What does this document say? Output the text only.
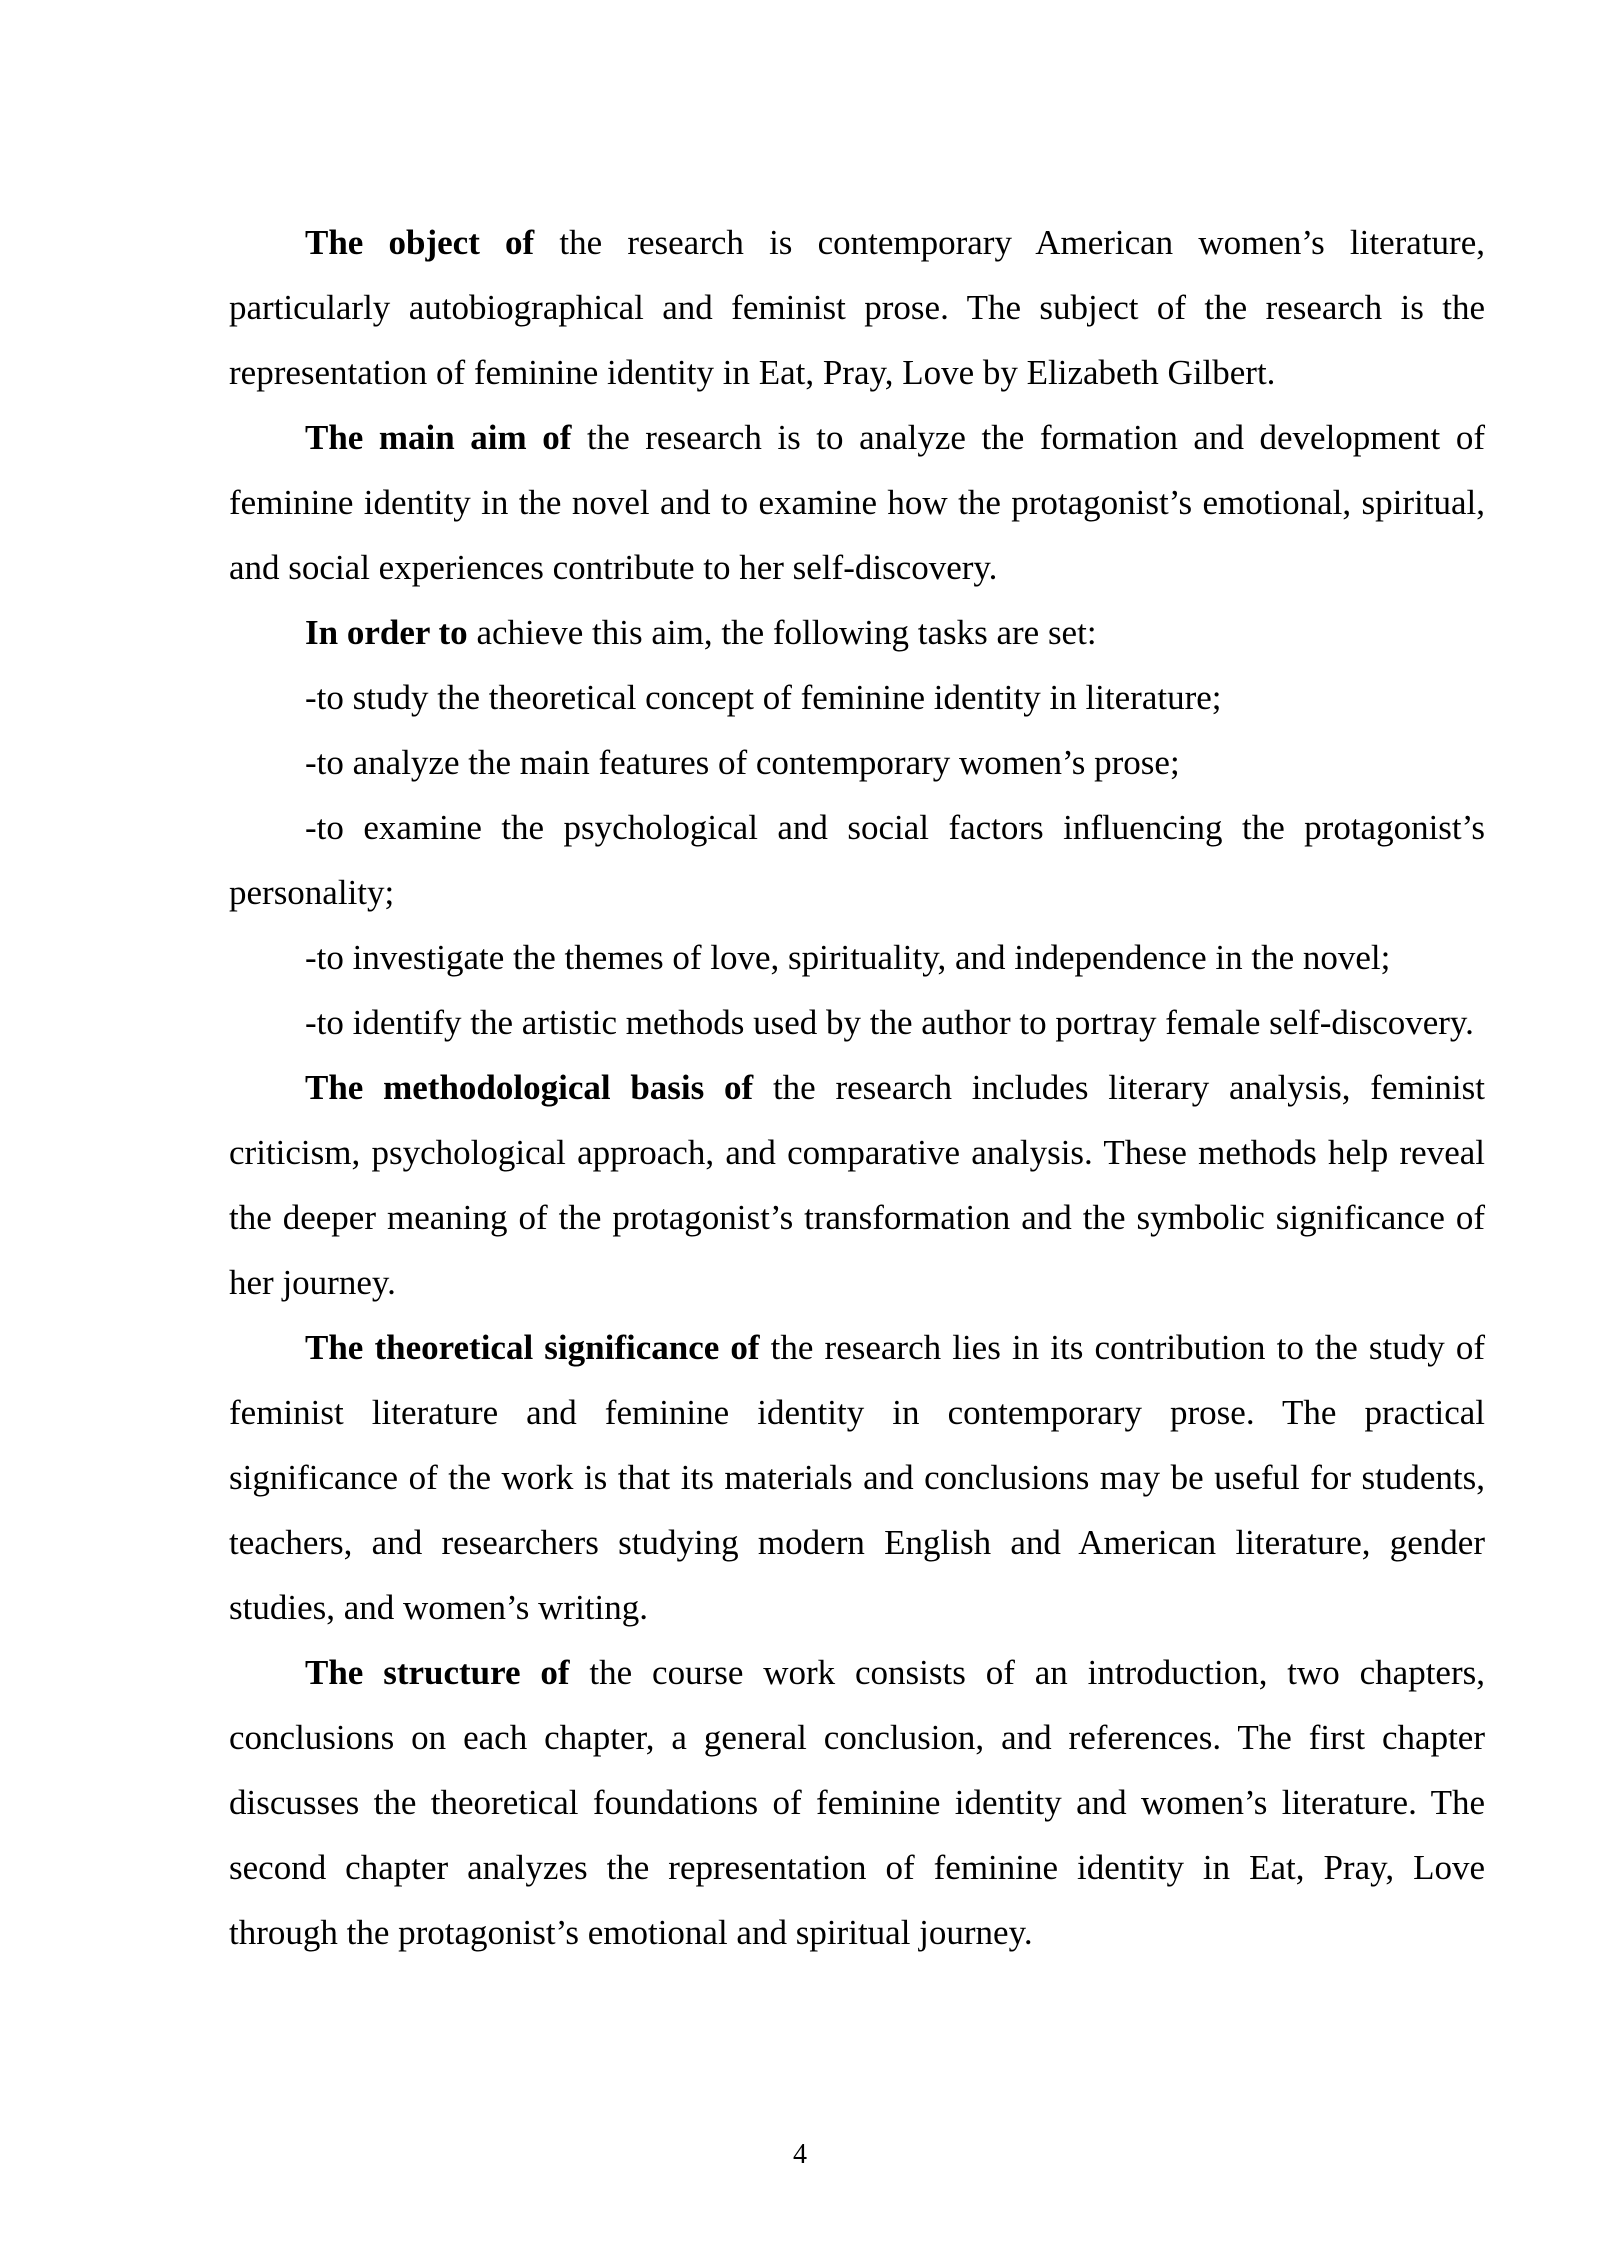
The object of the research is contemporary American women’s literature, particularly autobiographical and feminist prose. The subject of the research is the representation of feminine identity in Eat, Pray, Love by Elizabeth Gilbert.

The main aim of the research is to analyze the formation and development of feminine identity in the novel and to examine how the protagonist’s emotional, spiritual, and social experiences contribute to her self-discovery.

In order to achieve this aim, the following tasks are set:

-to study the theoretical concept of feminine identity in literature;

-to analyze the main features of contemporary women’s prose;

-to examine the psychological and social factors influencing the protagonist’s personality;

-to investigate the themes of love, spirituality, and independence in the novel;

-to identify the artistic methods used by the author to portray female self-discovery.

The methodological basis of the research includes literary analysis, feminist criticism, psychological approach, and comparative analysis. These methods help reveal the deeper meaning of the protagonist’s transformation and the symbolic significance of her journey.

The theoretical significance of the research lies in its contribution to the study of feminist literature and feminine identity in contemporary prose. The practical significance of the work is that its materials and conclusions may be useful for students, teachers, and researchers studying modern English and American literature, gender studies, and women’s writing.

The structure of the course work consists of an introduction, two chapters, conclusions on each chapter, a general conclusion, and references. The first chapter discusses the theoretical foundations of feminine identity and women’s literature. The second chapter analyzes the representation of feminine identity in Eat, Pray, Love through the protagonist’s emotional and spiritual journey.

4
